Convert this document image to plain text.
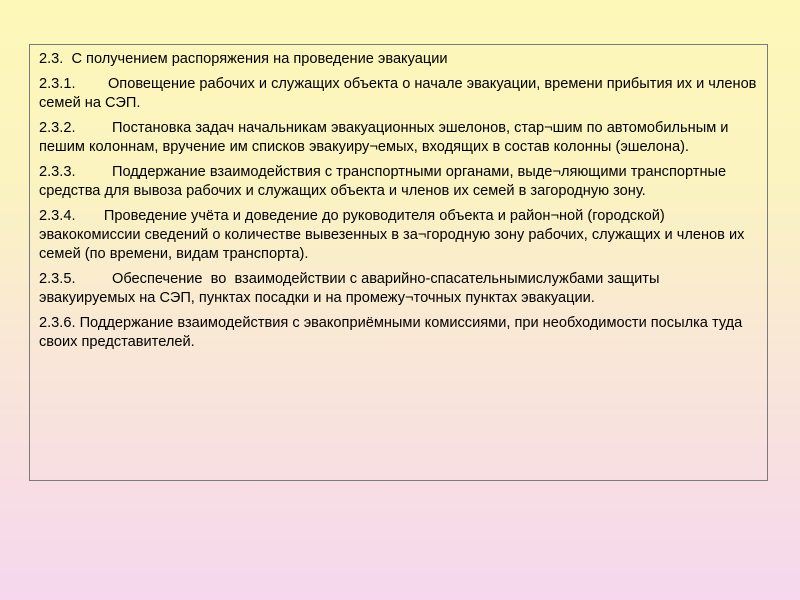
2.3.  С получением распоряжения на проведение эвакуации

2.3.1.        Оповещение рабочих и служащих объекта о начале эвакуации, времени прибытия их и членов семей на СЭП.

2.3.2.         Постановка задач начальникам эвакуационных эшелонов, стар¬шим по автомобильным и пешим колоннам, вручение им списков эвакуиру¬емых, входящих в состав колонны (эшелона).

2.3.3.         Поддержание взаимодействия с транспортными органами, выде¬ляющими транспортные средства для вывоза рабочих и служащих объекта и членов их семей в загородную зону.

2.3.4.       Проведение учёта и доведение до руководителя объекта и район¬ной (городской) эвакокомиссии сведений о количестве вывезенных в за¬городную зону рабочих, служащих и членов их семей (по времени, видам транспорта).

2.3.5.         Обеспечение  во  взаимодействии с аварийно-спасательнымислужбами защиты эвакуируемых на СЭП, пунктах посадки и на промежу¬точных пунктах эвакуации.

2.3.6. Поддержание взаимодействия с эвакоприёмными комиссиями, при необходимости посылка туда своих представителей.
